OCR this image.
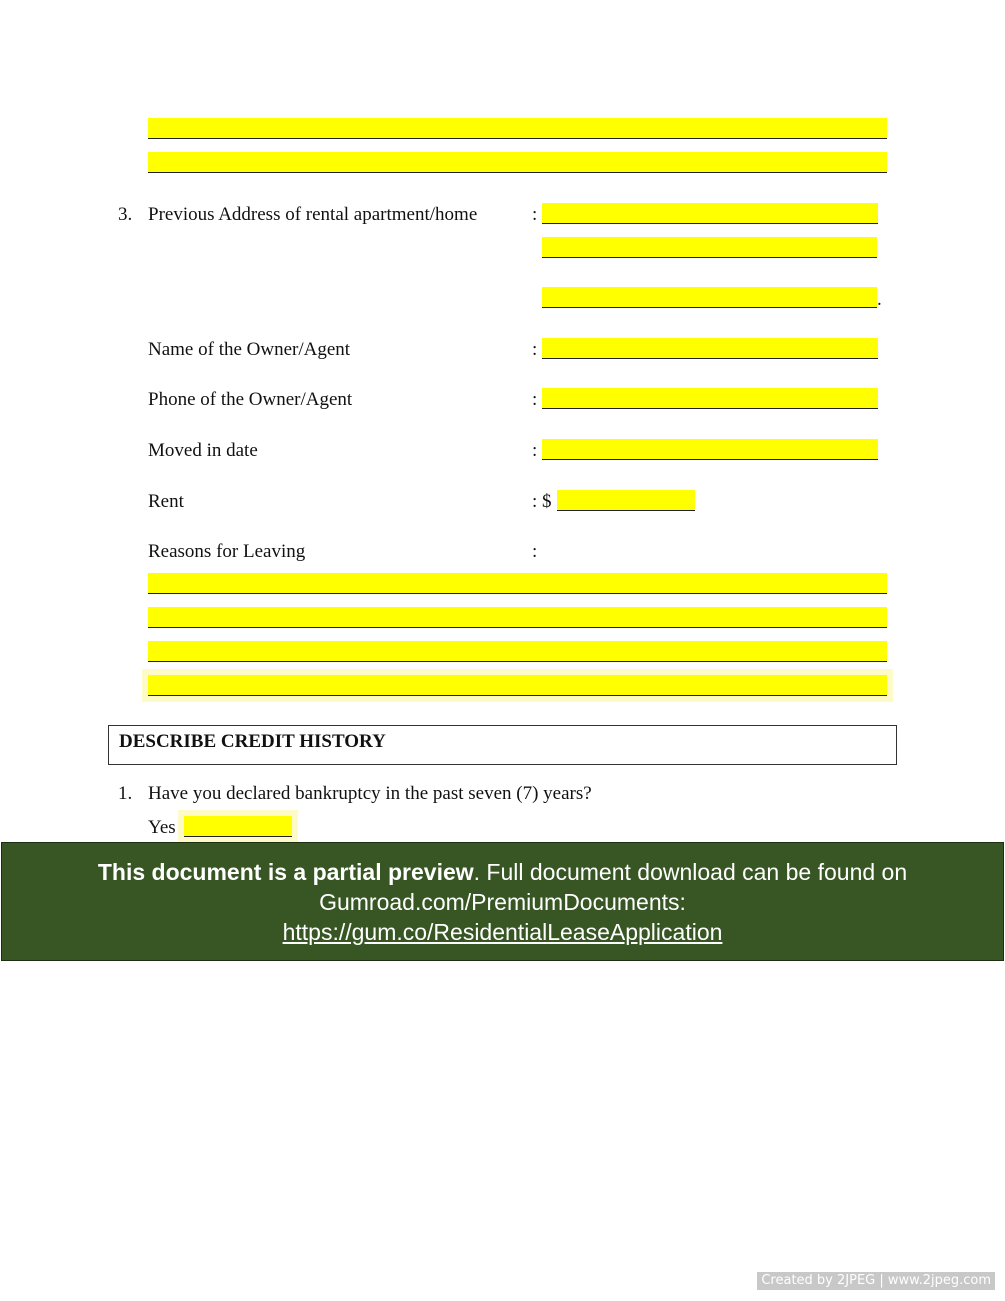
3. Previous Address of rental apartment/home	:
.
Name of the Owner/Agent	:
Phone of the Owner/Agent	:
Moved in date	:
Rent	: $
Reasons for Leaving	:
DESCRIBE CREDIT HISTORY
1. Have you declared bankruptcy in the past seven (7) years?
Yes
This document is a partial preview. Full document download can be found on
Gumroad.com/PremiumDocuments:
https://gum.co/ResidentialLeaseApplication
Created by 2JPEG | www.2jpeg.com
